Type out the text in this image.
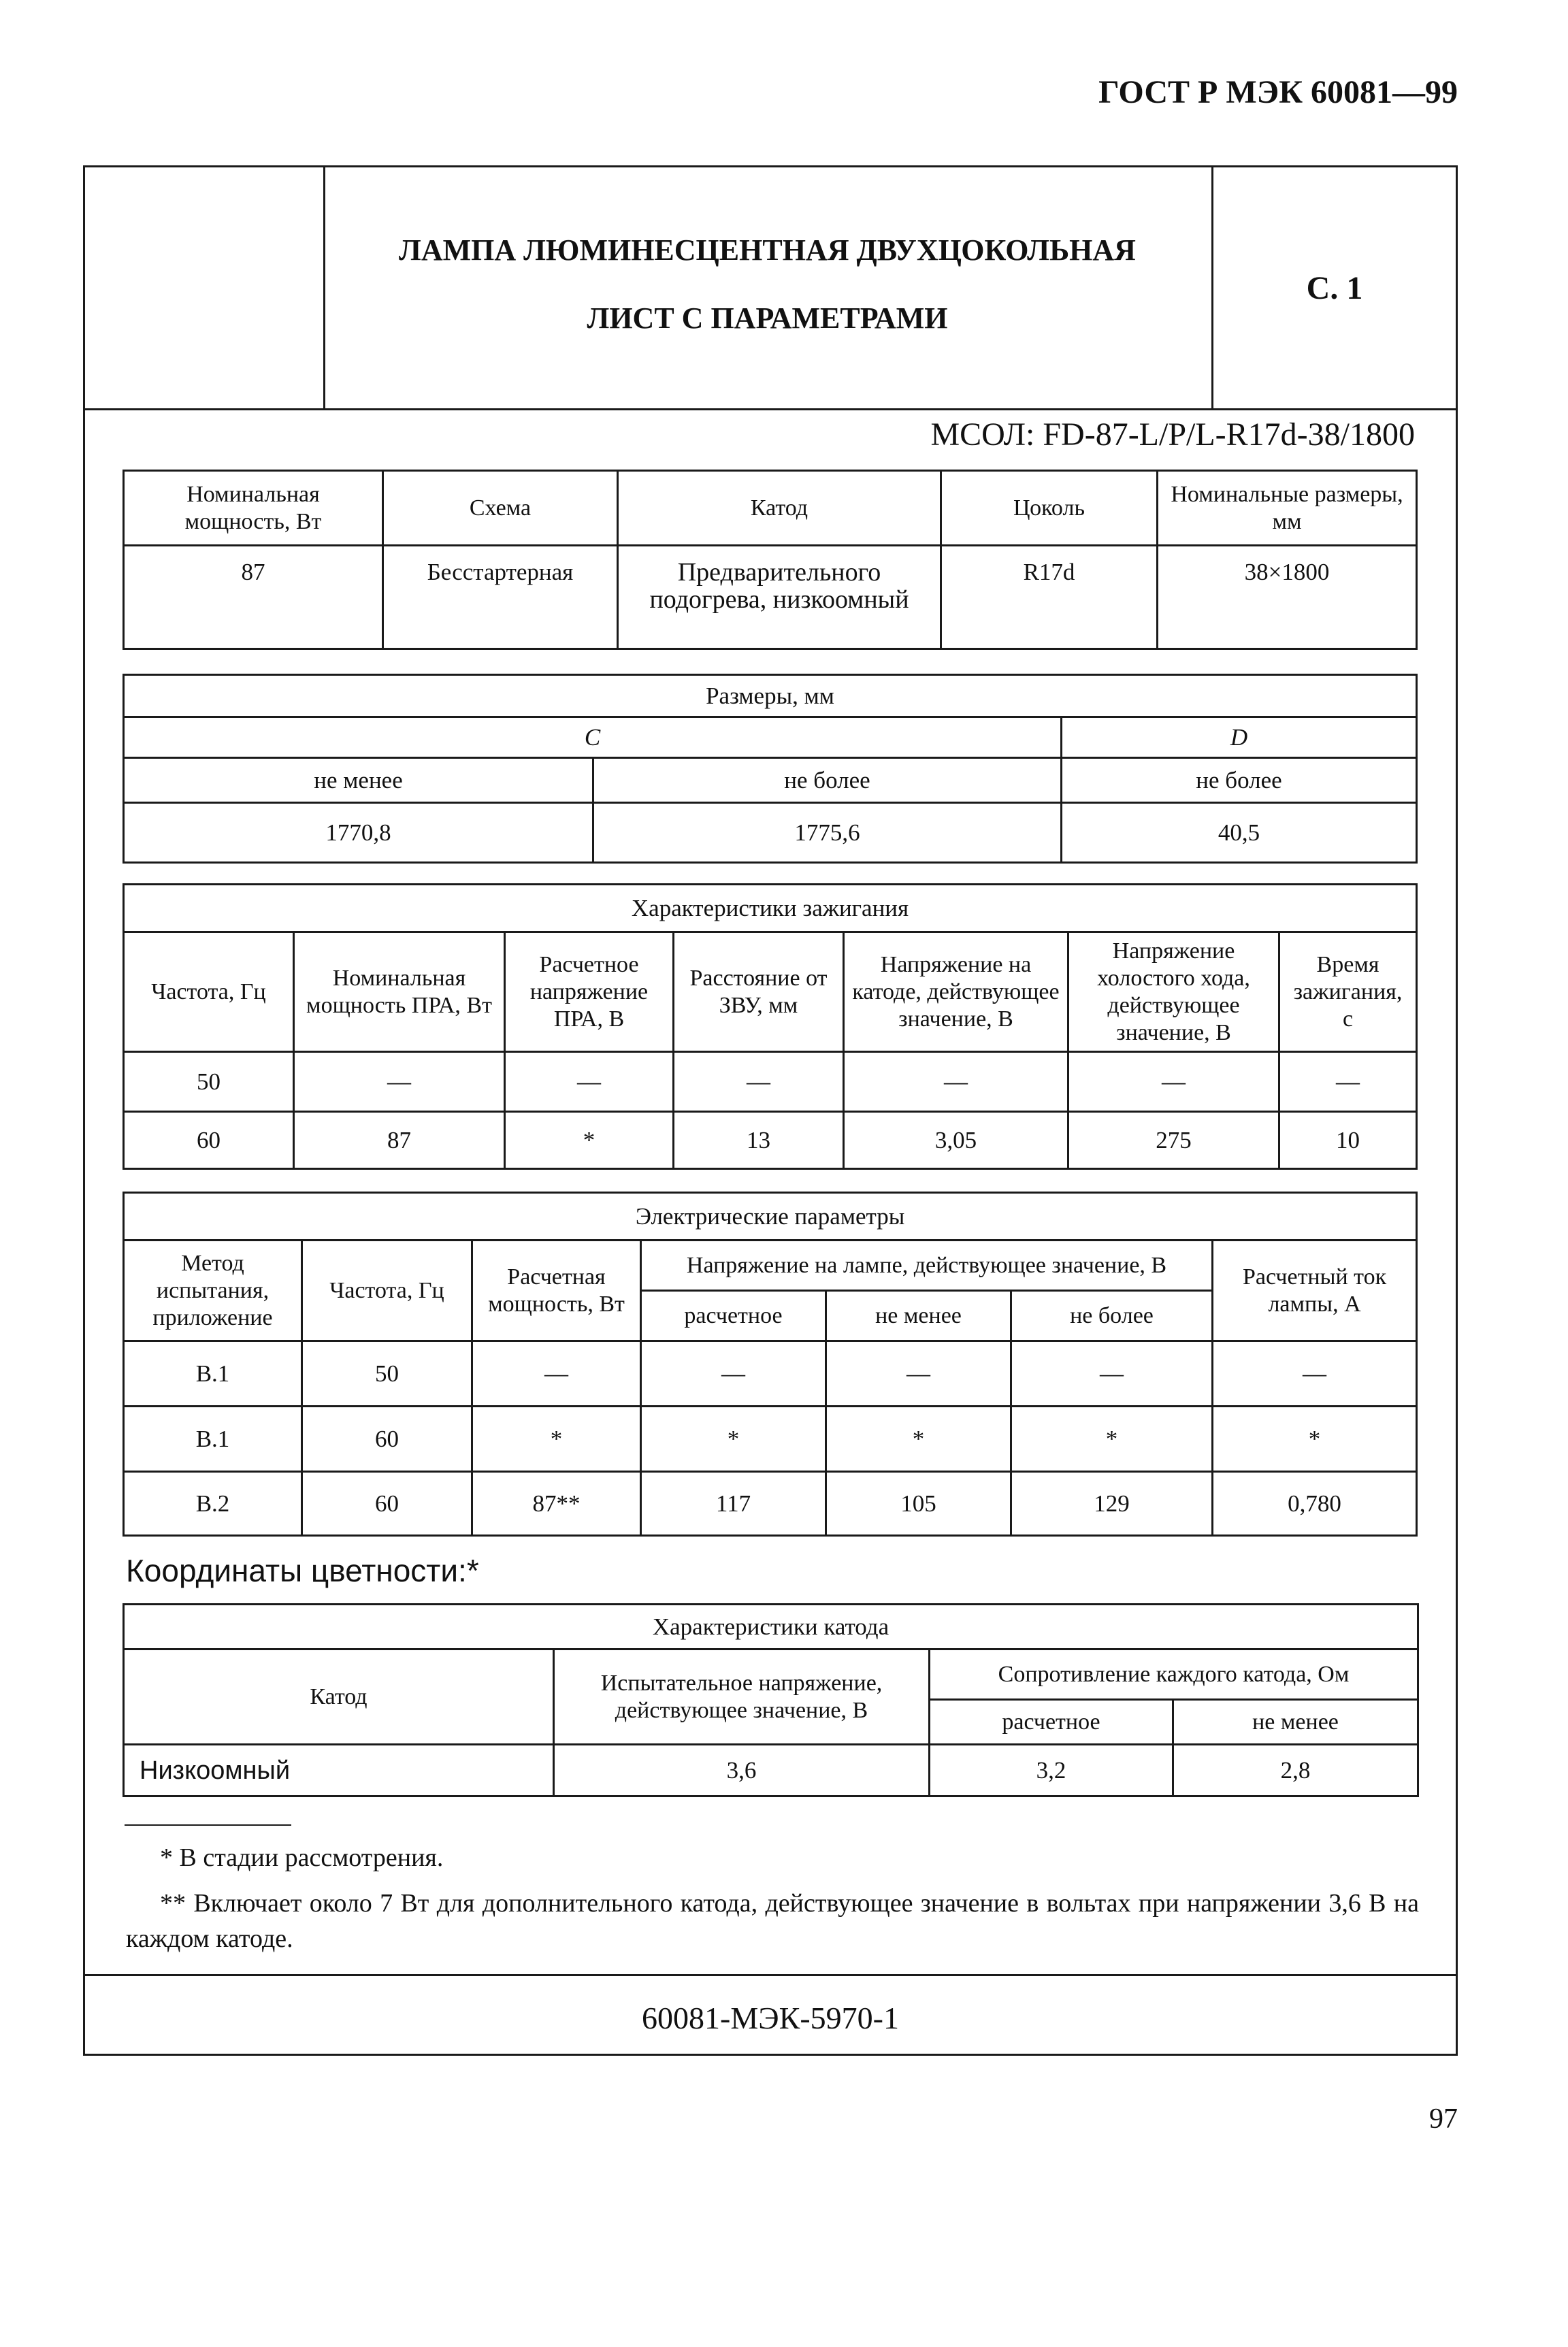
ГОСТ Р МЭК 60081—99
ЛАМПА ЛЮМИНЕСЦЕНТНАЯ ДВУХЦОКОЛЬНАЯ
ЛИСТ С ПАРАМЕТРАМИ
С. 1
МСОЛ: FD-87-L/P/L-R17d-38/1800
Координаты цветности:*
* В стадии рассмотрения.
** Включает около 7 Вт для дополнительного катода, действующее значение в вольтах при напряжении 3,6 В на каждом катоде.
60081-МЭК-5970-1
Номинальная мощность, Вт	Схема	Катод	Цоколь	Номинальные размеры, мм
87	Бесстартерная	Предварительного подогрева, низкоомный	R17d	38×1800
Размеры, мм		
C		D
не менее	не более	не более
1770,8	1775,6	40,5
Характеристики зажигания						
Частота, Гц	Номинальная мощность ПРА, Вт	Расчетное напряжение ПРА, В	Расстояние от ЗВУ, мм	Напряжение на катоде, действующее значение, В	Напряжение холостого хода, действующее значение, В	Время зажигания, с
50	—	—	—	—	—	—
60	87	*	13	3,05	275	10
Электрические параметры						
Метод испытания, приложение	Частота, Гц	Расчетная мощность, Вт	Напряжение на лампе, действующее значение, В			Расчетный ток лампы, А
			расчетное	не менее	не более	
B.1	50	—	—	—	—	—
B.1	60	*	*	*	*	*
B.2	60	87**	117	105	129	0,780
Характеристики катода			
Катод	Испытательное напряжение, действующее значение, В	Сопротивление каждого катода, Ом	
		расчетное	не менее
Низкоомный	3,6	3,2	2,8
97
